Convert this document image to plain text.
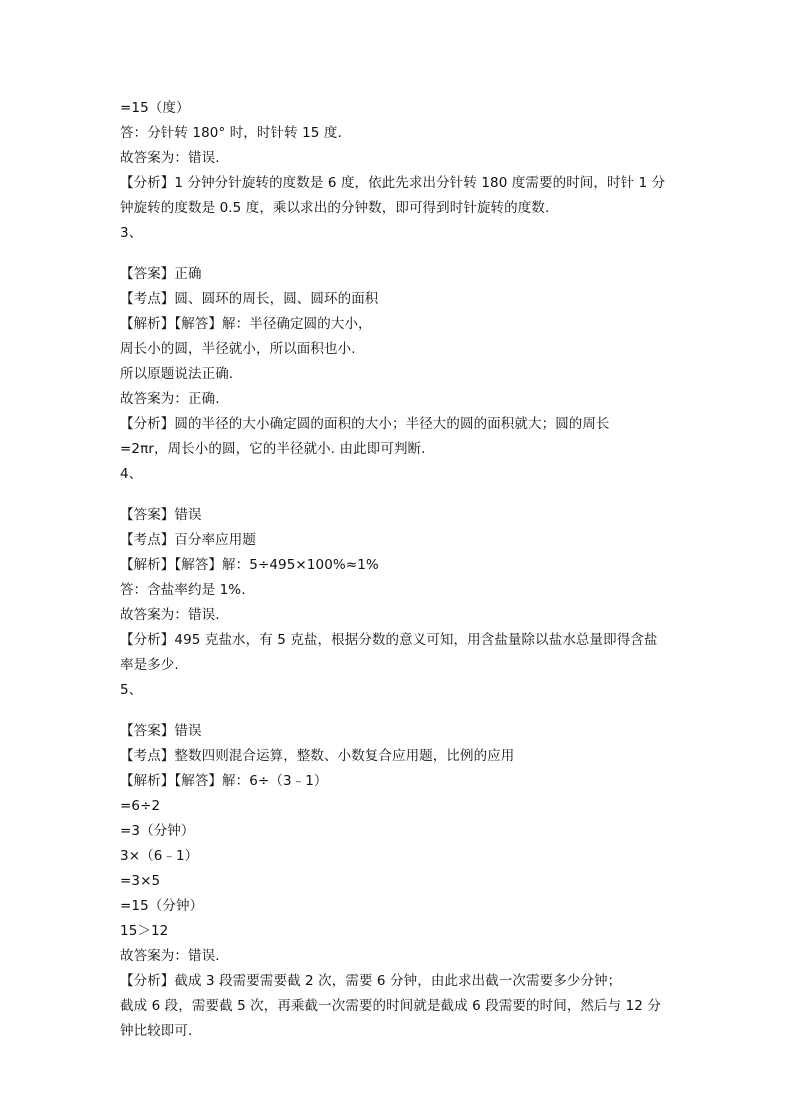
=15（度）
答：分针转 180° 时，时针转 15 度.
故答案为：错误.
【分析】1 分钟分针旋转的度数是 6 度，依此先求出分针转 180 度需要的时间，时针 1 分
钟旋转的度数是 0.5 度，乘以求出的分钟数，即可得到时针旋转的度数.
3、
【答案】正确
【考点】圆、圆环的周长，圆、圆环的面积
【解析】【解答】解：半径确定圆的大小，
周长小的圆，半径就小，所以面积也小.
所以原题说法正确.
故答案为：正确.
【分析】圆的半径的大小确定圆的面积的大小；半径大的圆的面积就大；圆的周长
=2πr，周长小的圆，它的半径就小. 由此即可判断.
4、
【答案】错误
【考点】百分率应用题
【解析】【解答】解：5÷495×100%≈1%
答：含盐率约是 1%.
故答案为：错误.
【分析】495 克盐水，有 5 克盐，根据分数的意义可知，用含盐量除以盐水总量即得含盐
率是多少.
5、
【答案】错误
【考点】整数四则混合运算，整数、小数复合应用题，比例的应用
【解析】【解答】解：6÷（3﹣1）
=6÷2
=3（分钟）
3×（6﹣1）
=3×5
=15（分钟）
15＞12
故答案为：错误.
【分析】截成 3 段需要需要截 2 次，需要 6 分钟，由此求出截一次需要多少分钟；
截成 6 段，需要截 5 次，再乘截一次需要的时间就是截成 6 段需要的时间，然后与 12 分
钟比较即可.
